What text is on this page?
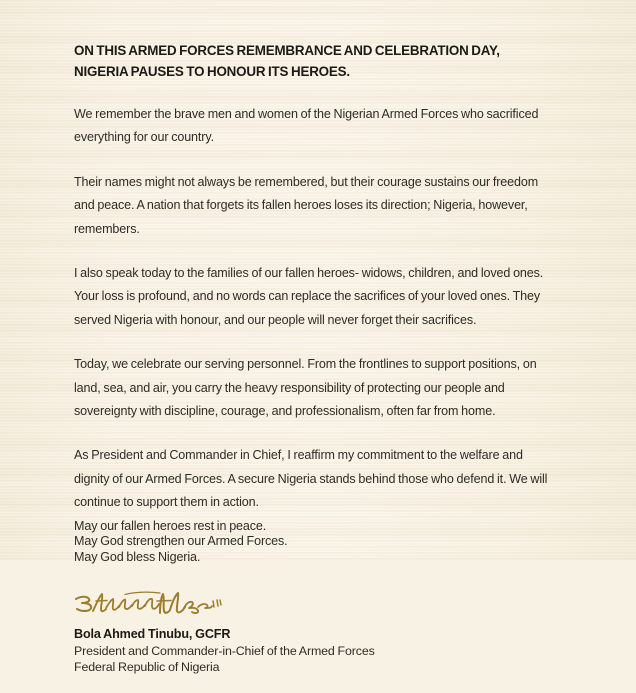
ON THIS ARMED FORCES REMEMBRANCE AND CELEBRATION DAY, NIGERIA PAUSES TO HONOUR ITS HEROES.

We remember the brave men and women of the Nigerian Armed Forces who sacrificed everything for our country.

Their names might not always be remembered, but their courage sustains our freedom and peace. A nation that forgets its fallen heroes loses its direction; Nigeria, however, remembers.

I also speak today to the families of our fallen heroes- widows, children, and loved ones. Your loss is profound, and no words can replace the sacrifices of your loved ones. They served Nigeria with honour, and our people will never forget their sacrifices.

Today, we celebrate our serving personnel. From the frontlines to support positions, on land, sea, and air, you carry the heavy responsibility of protecting our people and sovereignty with discipline, courage, and professionalism, often far from home.

As President and Commander in Chief, I reaffirm my commitment to the welfare and dignity of our Armed Forces. A secure Nigeria stands behind those who defend it. We will continue to support them in action.

May our fallen heroes rest in peace.

May God strengthen our Armed Forces.

May God bless Nigeria.

Bola Ahmed Tinubu, GCFR

President and Commander-in-Chief of the Armed Forces

Federal Republic of Nigeria
